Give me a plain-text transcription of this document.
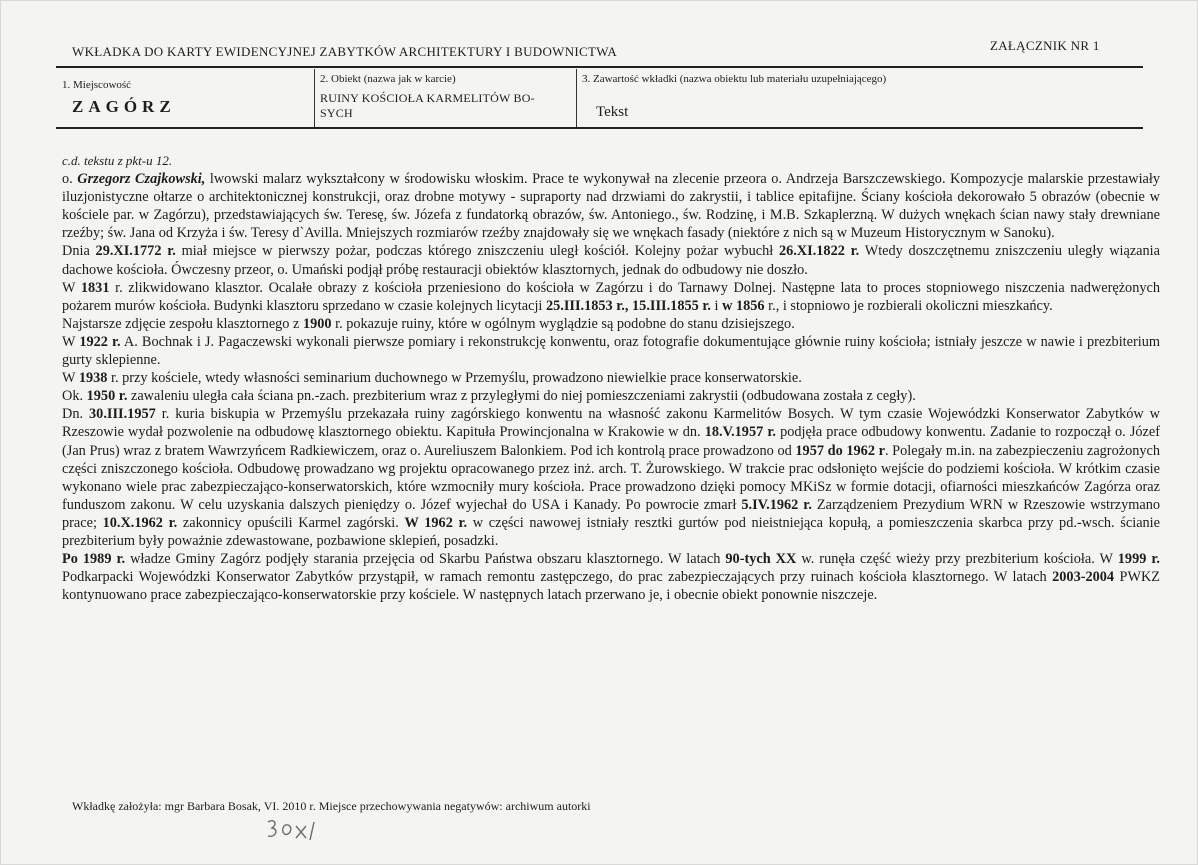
WKŁADKA DO KARTY EWIDENCYJNEJ ZABYTKÓW ARCHITEKTURY I BUDOWNICTWA	ZAŁĄCZNIK NR 1
1. Miejscowość
ZAGÓRZ
2. Obiekt (nazwa jak w karcie)
RUINY KOŚCIOŁA KARMELITÓW BO-
SYCH
3. Zawartość wkładki (nazwa obiektu lub materiału uzupełniającego)
Tekst

c.d. tekstu z pkt-u 12.

o. Grzegorz Czajkowski, lwowski malarz wykształcony w środowisku włoskim. Prace te wykonywał na zlecenie przeora o. Andrzeja Barszczewskiego. Kompozycje malarskie przestawiały iluzjonistyczne ołtarze o architektonicznej konstrukcji, oraz drobne motywy - supraporty nad drzwiami do zakrystii, i tablice epitafijne. Ściany kościoła dekorowało 5 obrazów (obecnie w kościele par. w Zagórzu), przedstawiających św. Teresę, św. Józefa z fundatorką obrazów, św. Antoniego., św. Rodzinę, i M.B. Szkaplerzną. W dużych wnękach ścian nawy stały drewniane rzeźby; św. Jana od Krzyża i św. Teresy d`Avilla. Mniejszych rozmiarów rzeźby znajdowały się we wnękach fasady (niektóre z nich są w Muzeum Historycznym w Sanoku).

Dnia 29.XI.1772 r. miał miejsce w pierwszy pożar, podczas którego zniszczeniu uległ kościół. Kolejny pożar wybuchł 26.XI.1822 r. Wtedy doszczętnemu zniszczeniu uległy wiązania dachowe kościoła. Ówczesny przeor, o. Umański podjął próbę restauracji obiektów klasztornych, jednak do odbudowy nie doszło.

W 1831 r. zlikwidowano klasztor. Ocalałe obrazy z kościoła przeniesiono do kościoła w Zagórzu i do Tarnawy Dolnej. Następne lata to proces stopniowego niszczenia nadwerężonych pożarem murów kościoła. Budynki klasztoru sprzedano w czasie kolejnych licytacji 25.III.1853 r., 15.III.1855 r. i w 1856 r., i stopniowo je rozbierali okoliczni mieszkańcy.

Najstarsze zdjęcie zespołu klasztornego z 1900 r. pokazuje ruiny, które w ogólnym wyglądzie są podobne do stanu dzisiejszego.

W 1922 r. A. Bochnak i J. Pagaczewski wykonali pierwsze pomiary i rekonstrukcję konwentu, oraz fotografie dokumentujące głównie ruiny kościoła; istniały jeszcze w nawie i prezbiterium gurty sklepienne.

W 1938 r. przy kościele, wtedy własności seminarium duchownego w Przemyślu, prowadzono niewielkie prace konserwatorskie.

Ok. 1950 r. zawaleniu uległa cała ściana pn.-zach. prezbiterium wraz z przyległymi do niej pomieszczeniami zakrystii (odbudowana została z cegły).

Dn. 30.III.1957 r. kuria biskupia w Przemyślu przekazała ruiny zagórskiego konwentu na własność zakonu Karmelitów Bosych. W tym czasie Wojewódzki Konserwator Zabytków w Rzeszowie wydał pozwolenie na odbudowę klasztornego obiektu. Kapituła Prowincjonalna w Krakowie w dn. 18.V.1957 r. podjęła prace odbudowy konwentu. Zadanie to rozpoczął o. Józef (Jan Prus) wraz z bratem Wawrzyńcem Radkiewiczem, oraz o. Aureliuszem Balonkiem. Pod ich kontrolą prace prowadzono od 1957 do 1962 r. Polegały m.in. na zabezpieczeniu zagrożonych części zniszczonego kościoła. Odbudowę prowadzano wg projektu opracowanego przez inż. arch. T. Żurowskiego. W trakcie prac odsłonięto wejście do podziemi kościoła. W krótkim czasie wykonano wiele prac zabezpieczająco-konserwatorskich, które wzmocniły mury kościoła. Prace prowadzono dzięki pomocy MKiSz w formie dotacji, ofiarności mieszkańców Zagórza oraz funduszom zakonu. W celu uzyskania dalszych pieniędzy o. Józef wyjechał do USA i Kanady. Po powrocie zmarł 5.IV.1962 r. Zarządzeniem Prezydium WRN w Rzeszowie wstrzymano prace; 10.X.1962 r. zakonnicy opuścili Karmel zagórski. W 1962 r. w części nawowej istniały resztki gurtów pod nieistniejąca kopułą, a pomieszczenia skarbca przy pd.-wsch. ścianie prezbiterium były poważnie zdewastowane, pozbawione sklepień, posadzki.

Po 1989 r. władze Gminy Zagórz podjęły starania przejęcia od Skarbu Państwa obszaru klasztornego. W latach 90-tych XX w. runęła część wieży przy prezbiterium kościoła. W 1999 r. Podkarpacki Wojewódzki Konserwator Zabytków przystąpił, w ramach remontu zastępczego, do prac zabezpieczających przy ruinach kościoła klasztornego. W latach 2003-2004 PWKZ kontynuowano prace zabezpieczająco-konserwatorskie przy kościele. W następnych latach przerwano je, i obecnie obiekt ponownie niszczeje.

Wkładkę założyła: mgr Barbara Bosak, VI. 2010 r. Miejsce przechowywania negatywów: archiwum autorki
